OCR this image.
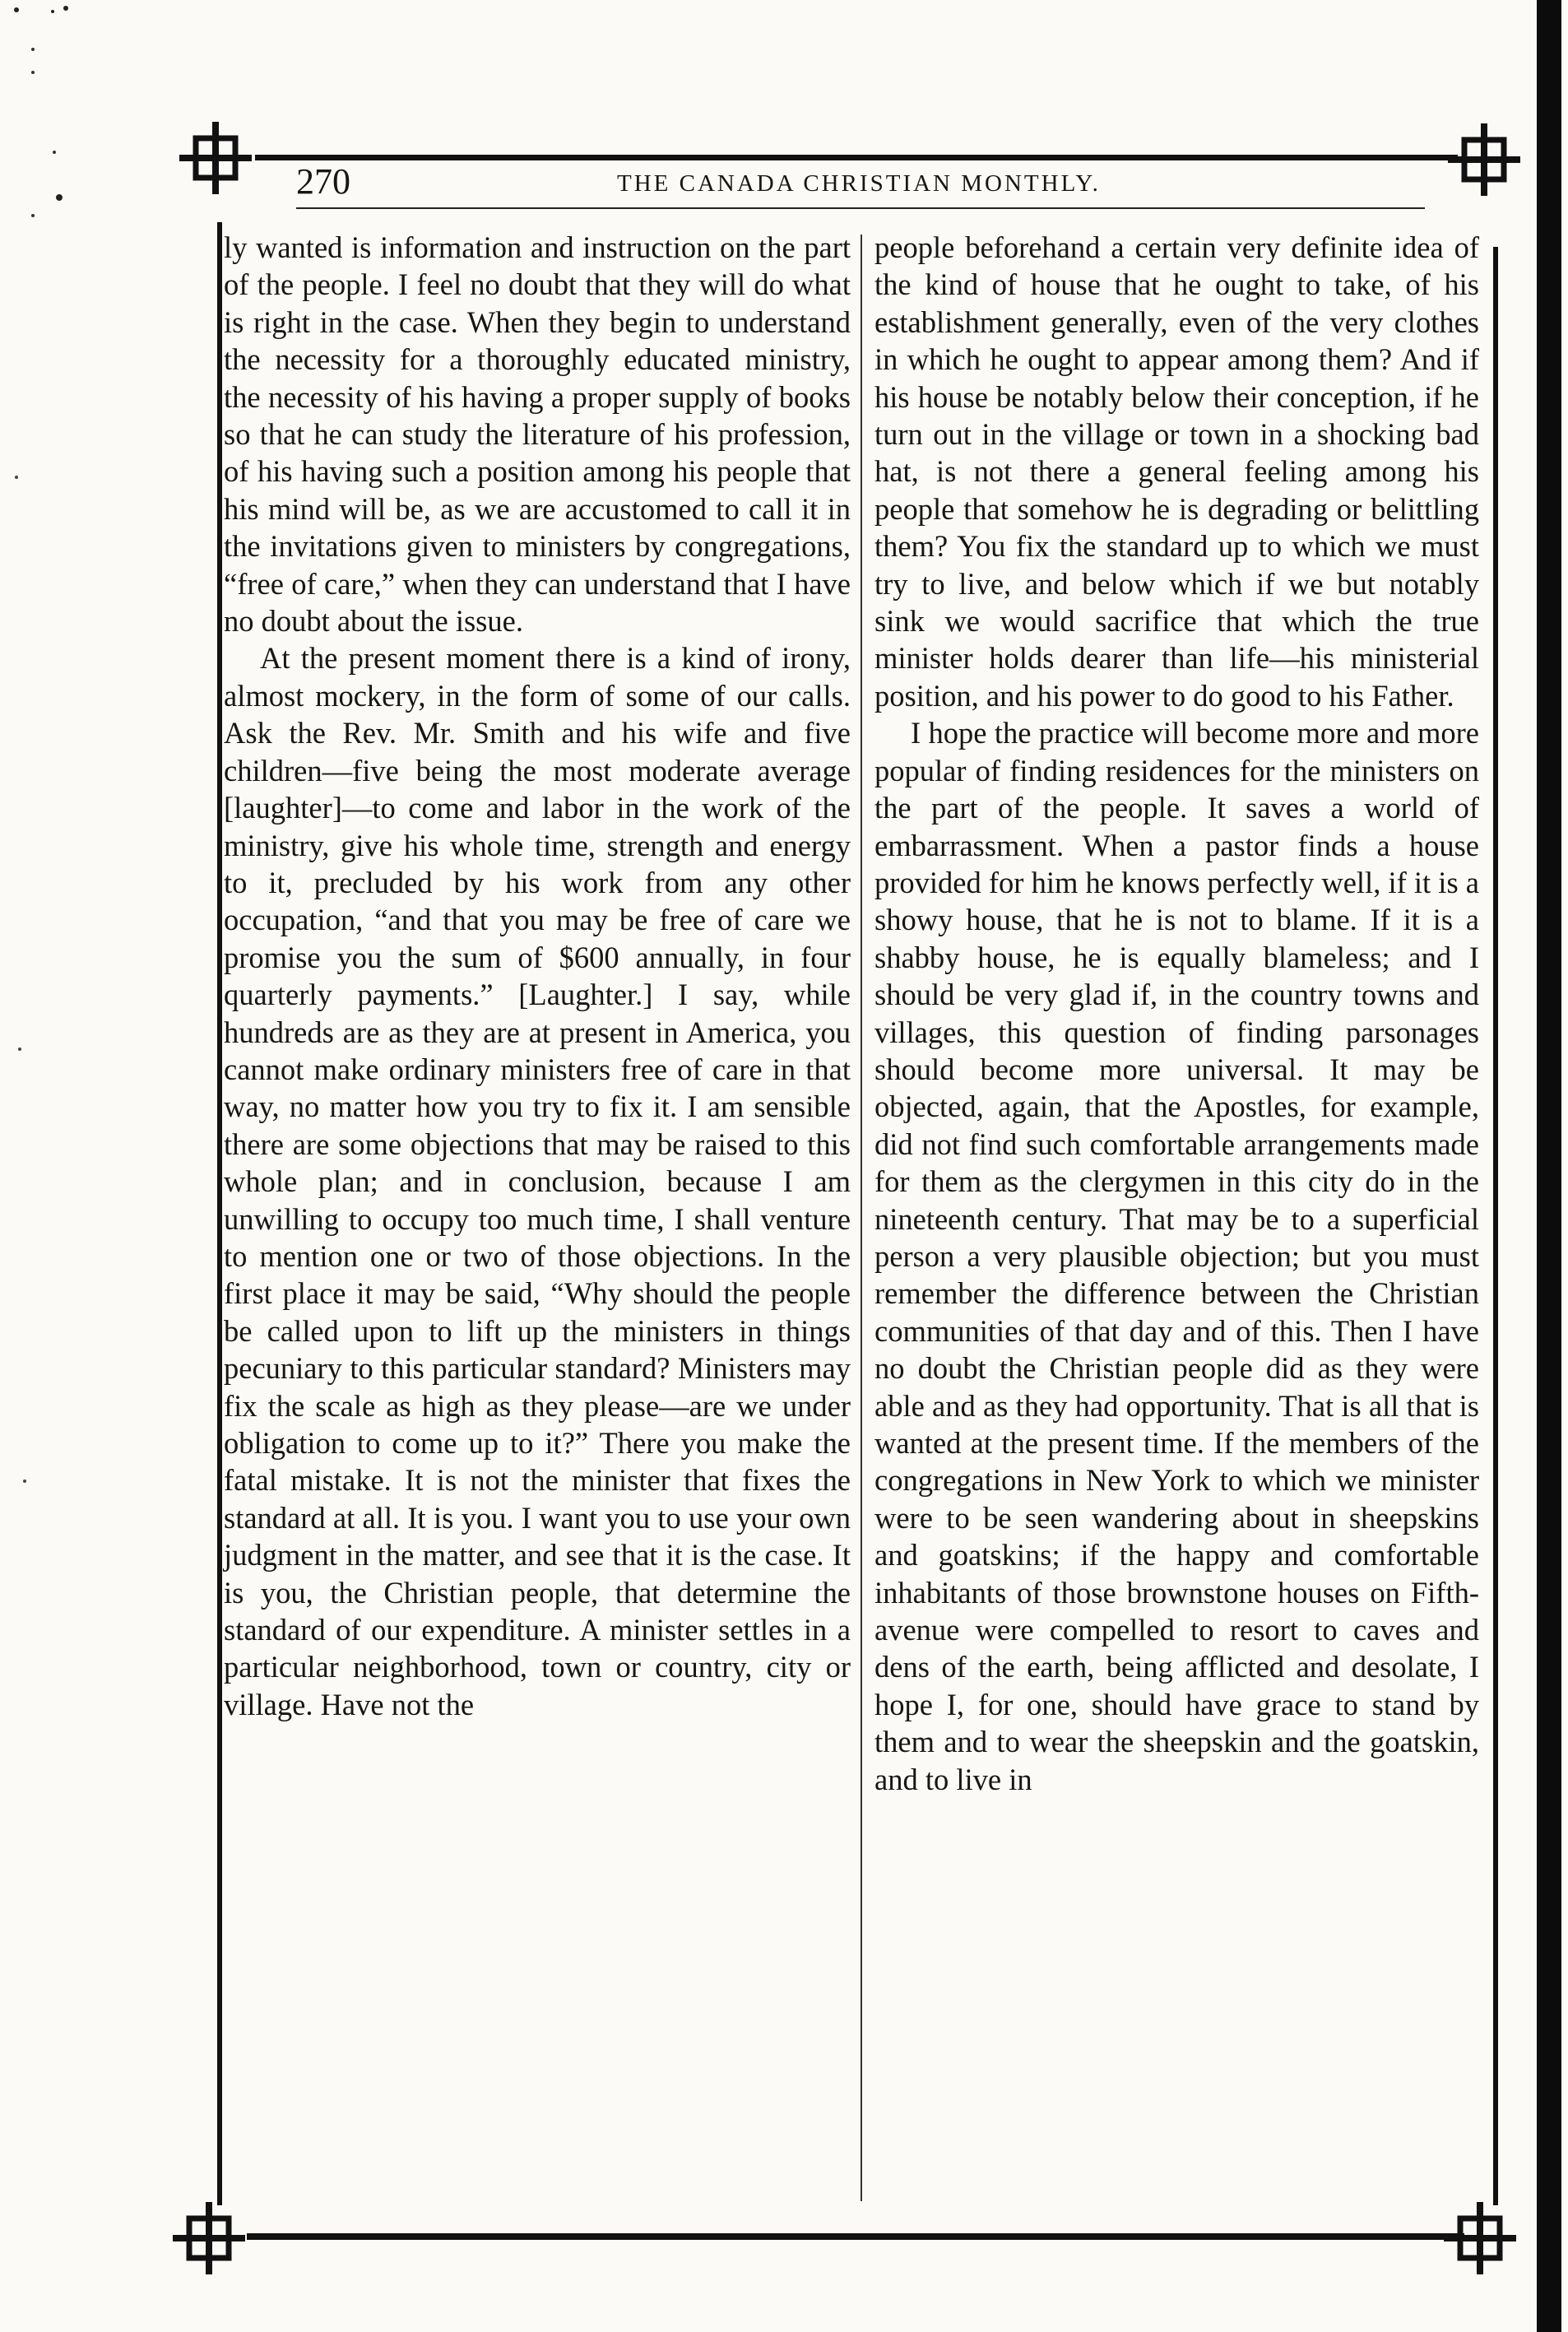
270	THE CANADA CHRISTIAN MONTHLY.

ly wanted is information and instruction on the part of the people. I feel no doubt that they will do what is right in the case. When they begin to understand the necessity for a thoroughly educated ministry, the necessity of his having a proper supply of books so that he can study the literature of his profession, of his having such a position among his people that his mind will be, as we are accustomed to call it in the invitations given to ministers by congregations, “free of care,” when they can understand that I have no doubt about the issue.

At the present moment there is a kind of irony, almost mockery, in the form of some of our calls. Ask the Rev. Mr. Smith and his wife and five children—five being the most moderate average [laughter]—to come and labor in the work of the ministry, give his whole time, strength and energy to it, precluded by his work from any other occupation, “and that you may be free of care we promise you the sum of $600 annually, in four quarterly payments.” [Laughter.] I say, while hundreds are as they are at present in America, you cannot make ordinary ministers free of care in that way, no matter how you try to fix it. I am sensible there are some objections that may be raised to this whole plan; and in conclusion, because I am unwilling to occupy too much time, I shall venture to mention one or two of those objections. In the first place it may be said, “Why should the people be called upon to lift up the ministers in things pecuniary to this particular standard? Ministers may fix the scale as high as they please—are we under obligation to come up to it?” There you make the fatal mistake. It is not the minister that fixes the standard at all. It is you. I want you to use your own judgment in the matter, and see that it is the case. It is you, the Christian people, that determine the standard of our expenditure. A minister settles in a particular neighborhood, town or country, city or village. Have not the

people beforehand a certain very definite idea of the kind of house that he ought to take, of his establishment generally, even of the very clothes in which he ought to appear among them? And if his house be notably below their conception, if he turn out in the village or town in a shocking bad hat, is not there a general feeling among his people that somehow he is degrading or belittling them? You fix the standard up to which we must try to live, and below which if we but notably sink we would sacrifice that which the true minister holds dearer than life—his ministerial position, and his power to do good to his Father.

I hope the practice will become more and more popular of finding residences for the ministers on the part of the people. It saves a world of embarrassment. When a pastor finds a house provided for him he knows perfectly well, if it is a showy house, that he is not to blame. If it is a shabby house, he is equally blameless; and I should be very glad if, in the country towns and villages, this question of finding parsonages should become more universal. It may be objected, again, that the Apostles, for example, did not find such comfortable arrangements made for them as the clergymen in this city do in the nineteenth century. That may be to a superficial person a very plausible objection; but you must remember the difference between the Christian communities of that day and of this. Then I have no doubt the Christian people did as they were able and as they had opportunity. That is all that is wanted at the present time. If the members of the congregations in New York to which we minister were to be seen wandering about in sheepskins and goatskins; if the happy and comfortable inhabitants of those brownstone houses on Fifth-avenue were compelled to resort to caves and dens of the earth, being afflicted and desolate, I hope I, for one, should have grace to stand by them and to wear the sheepskin and the goatskin, and to live in
